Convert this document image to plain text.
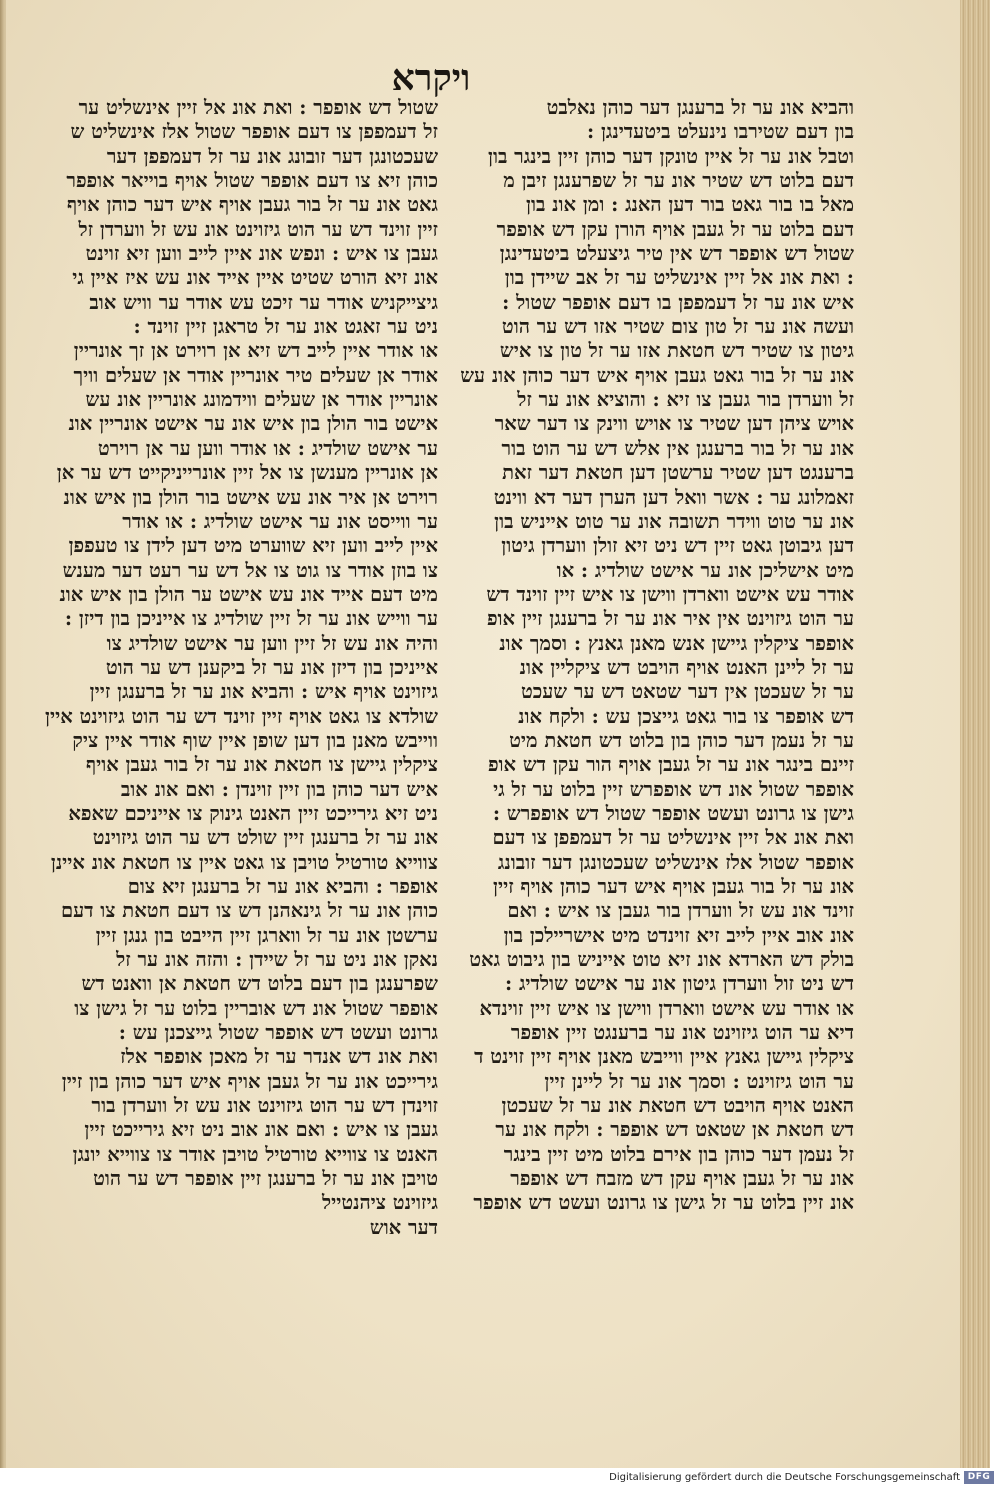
ויקרא
והביא אונ ער זל ברענגן דער כוהן נאלבט
בון דעם שטירבו נינעלט ביטעדינגן :
וטבל אונ ער זל איין טונקן דער כוהן זיין בינגר בון
דעם בלוט דש שטיר אונ ער זל שפרענגן זיבן מ
מאל בו בור גאט בור דען האנג : ומן אונ בון
דעם בלוט ער זל געבן אויף הורן עקן דש אופפר
שטול דש אופפר דש אין טיר גיצעלט ביטעדינגן
: ואת אונ אל זיין אינשליט ער זל אב שיידן בון
איש אונ ער זל דעמפפן בו דעם אופפר שטול :
ועשה אונ ער זל טון צום שטיר אזו דש ער הוט
גיטון צו שטיר דש חטאת אזו ער זל טון צו איש
אונ ער זל בור גאט געבן אויף איש דער כוהן אונ עש
זל ווערדן בור געבן צו זיא : והוציא אונ ער זל
אויש ציהן דען שטיר צו אויש ווינק צו דער שאר
אונ ער זל בור ברענגן אין אלש דש ער הוט בור
ברענגט דען שטיר ערשטן דען חטאת דער זאת
זאמלונג ער : אשר וואל דען הערן דער דא ווינט
אונ ער טוט ווידר תשובה אונ ער טוט אייניש בון
דען גיבוטן גאט זיין דש ניט זיא זולן ווערדן גיטון
מיט אישליכן אונ ער אישט שולדיג : או
אודר עש אישט ווארדן ווישן צו איש זיין זוינד דש
ער הוט גיזוינט אין איר אונ ער זל ברענגן זיין אופ
אופפר ציקלין גיישן אנש מאנן גאנץ : וסמך אונ
ער זל ליינן האנט אויף הויבט דש ציקליין אונ
ער זל שעכטן אין דער שטאט דש ער שעכט
דש אופפר צו בור גאט גייצכן עש : ולקח אונ
ער זל נעמן דער כוהן בון בלוט דש חטאת מיט
זיינם בינגר אונ ער זל געבן אויף הור עקן דש אופ
אופפר שטול אונ דש אופפרש זיין בלוט ער זל גי
גישן צו גרונט ועשט אופפר שטול דש אופפרש :
ואת אונ אל זיין אינשליט ער זל דעמפפן צו דעם
אופפר שטול אלז אינשליט שעכטונגן דער זובונג
אונ ער זל בור געבן אויף איש דער כוהן אויף זיין
זוינד אונ עש זל ווערדן בור געבן צו איש : ואם
אונ אוב איין לייב זיא זוינדט מיט אישריילכן בון
בולק דש הארדא אונ זיא טוט אייניש בון גיבוט גאט
דש ניט זול ווערדן גיטון אונ ער אישט שולדיג :
או אודר עש אישט ווארדן ווישן צו איש זיין זוינדא
דיא ער הוט גיזוינט אונ ער ברענגט זיין אופפר
ציקלין גיישן גאנץ איין ווייבש מאנן אויף זיין זוינט ד
ער הוט גיזוינט : וסמך אונ ער זל ליינן זיין
האנט אויף הויבט דש חטאת אונ ער זל שעכטן
דש חטאת אן שטאט דש אופפר : ולקח אונ ער
זל נעמן דער כוהן בון אירם בלוט מיט זיין בינגר
אונ ער זל געבן אויף עקן דש מזבח דש אופפר
אונ זיין בלוט ער זל גישן צו גרונט ועשט דש אופפר
שטול דש אופפר : ואת אונ אל זיין אינשליט ער
זל דעמפפן צו דעם אופפר שטול אלז אינשליט ש
שעכטונגן דער זובונג אונ ער זל דעמפפן דער
כוהן זיא צו דעם אופפר שטול אויף בוייאר אופפר
גאט אונ ער זל בור געבן אויף איש דער כוהן אויף
זיין זוינד דש ער הוט גיזוינט אונ עש זל ווערדן זל
געבן צו איש : ונפש אונ איין לייב ווען זיא זוינט
אונ זיא הורט שטיט איין אייד אונ עש איז איין גי
גיצייקניש אודר ער זיכט עש אודר ער וויש אוב
ניט ער זאגט אונ ער זל טראגן זיין זוינד :
או אודר איין לייב דש זיא אן רוירט אן זך אונריין
אודר אן שעלים טיר אונריין אודר אן שעלים וויך
אונריין אודר אן שעלים ווידמונג אונריין אונ עש
אישט בור הולן בון איש אונ ער אישט אונריין אונ
ער אישט שולדיג : או אודר ווען ער אן רוירט
אן אונריין מענשן צו אל זיין אונרייניקייט דש ער אן
רוירט אן איר אונ עש אישט בור הולן בון איש אונ
ער ווייסט אונ ער אישט שולדיג : או אודר
איין לייב ווען זיא שווערט מיט דען לידן צו טעפפן
צו בוזן אודר צו גוט צו אל דש ער רעט דער מענש
מיט דעם אייד אונ עש אישט ער הולן בון איש אונ
ער ווייש אונ ער זל זיין שולדיג צו אייניכן בון דיזן :
והיה אונ עש זל זיין ווען ער אישט שולדיג צו
אייניכן בון דיזן אונ ער זל ביקענן דש ער הוט
גיזוינט אויף איש : והביא אונ ער זל ברענגן זיין
שולדא צו גאט אויף זיין זוינד דש ער הוט גיזוינט איין
ווייבש מאנן בון דען שופן איין שוף אודר איין ציק
ציקלין גיישן צו חטאת אונ ער זל בור געבן אויף
איש דער כוהן בון זיין זוינדן : ואם אונ אוב
ניט זיא גירייכט זיין האנט גינוק צו אייניכם שאפא
אונ ער זל ברענגן זיין שולט דש ער הוט גיזוינט
צווייא טורטיל טויבן צו גאט איין צו חטאת אונ איינן
אופפר : והביא אונ ער זל ברענגן זיא צום
כוהן אונ ער זל גינאהנן דש צו דעם חטאת צו דעם
ערשטן אונ ער זל ווארגן זיין הייבט בון גנגן זיין
נאקן אונ ניט ער זל שיידן : והזה אונ ער זל
שפרענגן בון דעם בלוט דש חטאת אן וואנט דש
אופפר שטול אונ דש אובריין בלוט ער זל גישן צו
גרונט ועשט דש אופפר שטול גייצכנן עש :
ואת אונ דש אנדר ער זל מאכן אופפר אלז
גירייכט אונ ער זל געבן אויף איש דער כוהן בון זיין
זוינדן דש ער הוט גיזוינט אונ עש זל ווערדן בור
געבן צו איש : ואם אונ אוב ניט זיא גירייכט זיין
האנט צו צווייא טורטיל טויבן אודר צו צווייא יונגן
טויבן אונ ער זל ברענגן זיין אופפר דש ער הוט
גיזוינט ציהנטייל
דער אוש
Digitalisierung gefördert durch die Deutsche Forschungsgemeinschaft DFG
